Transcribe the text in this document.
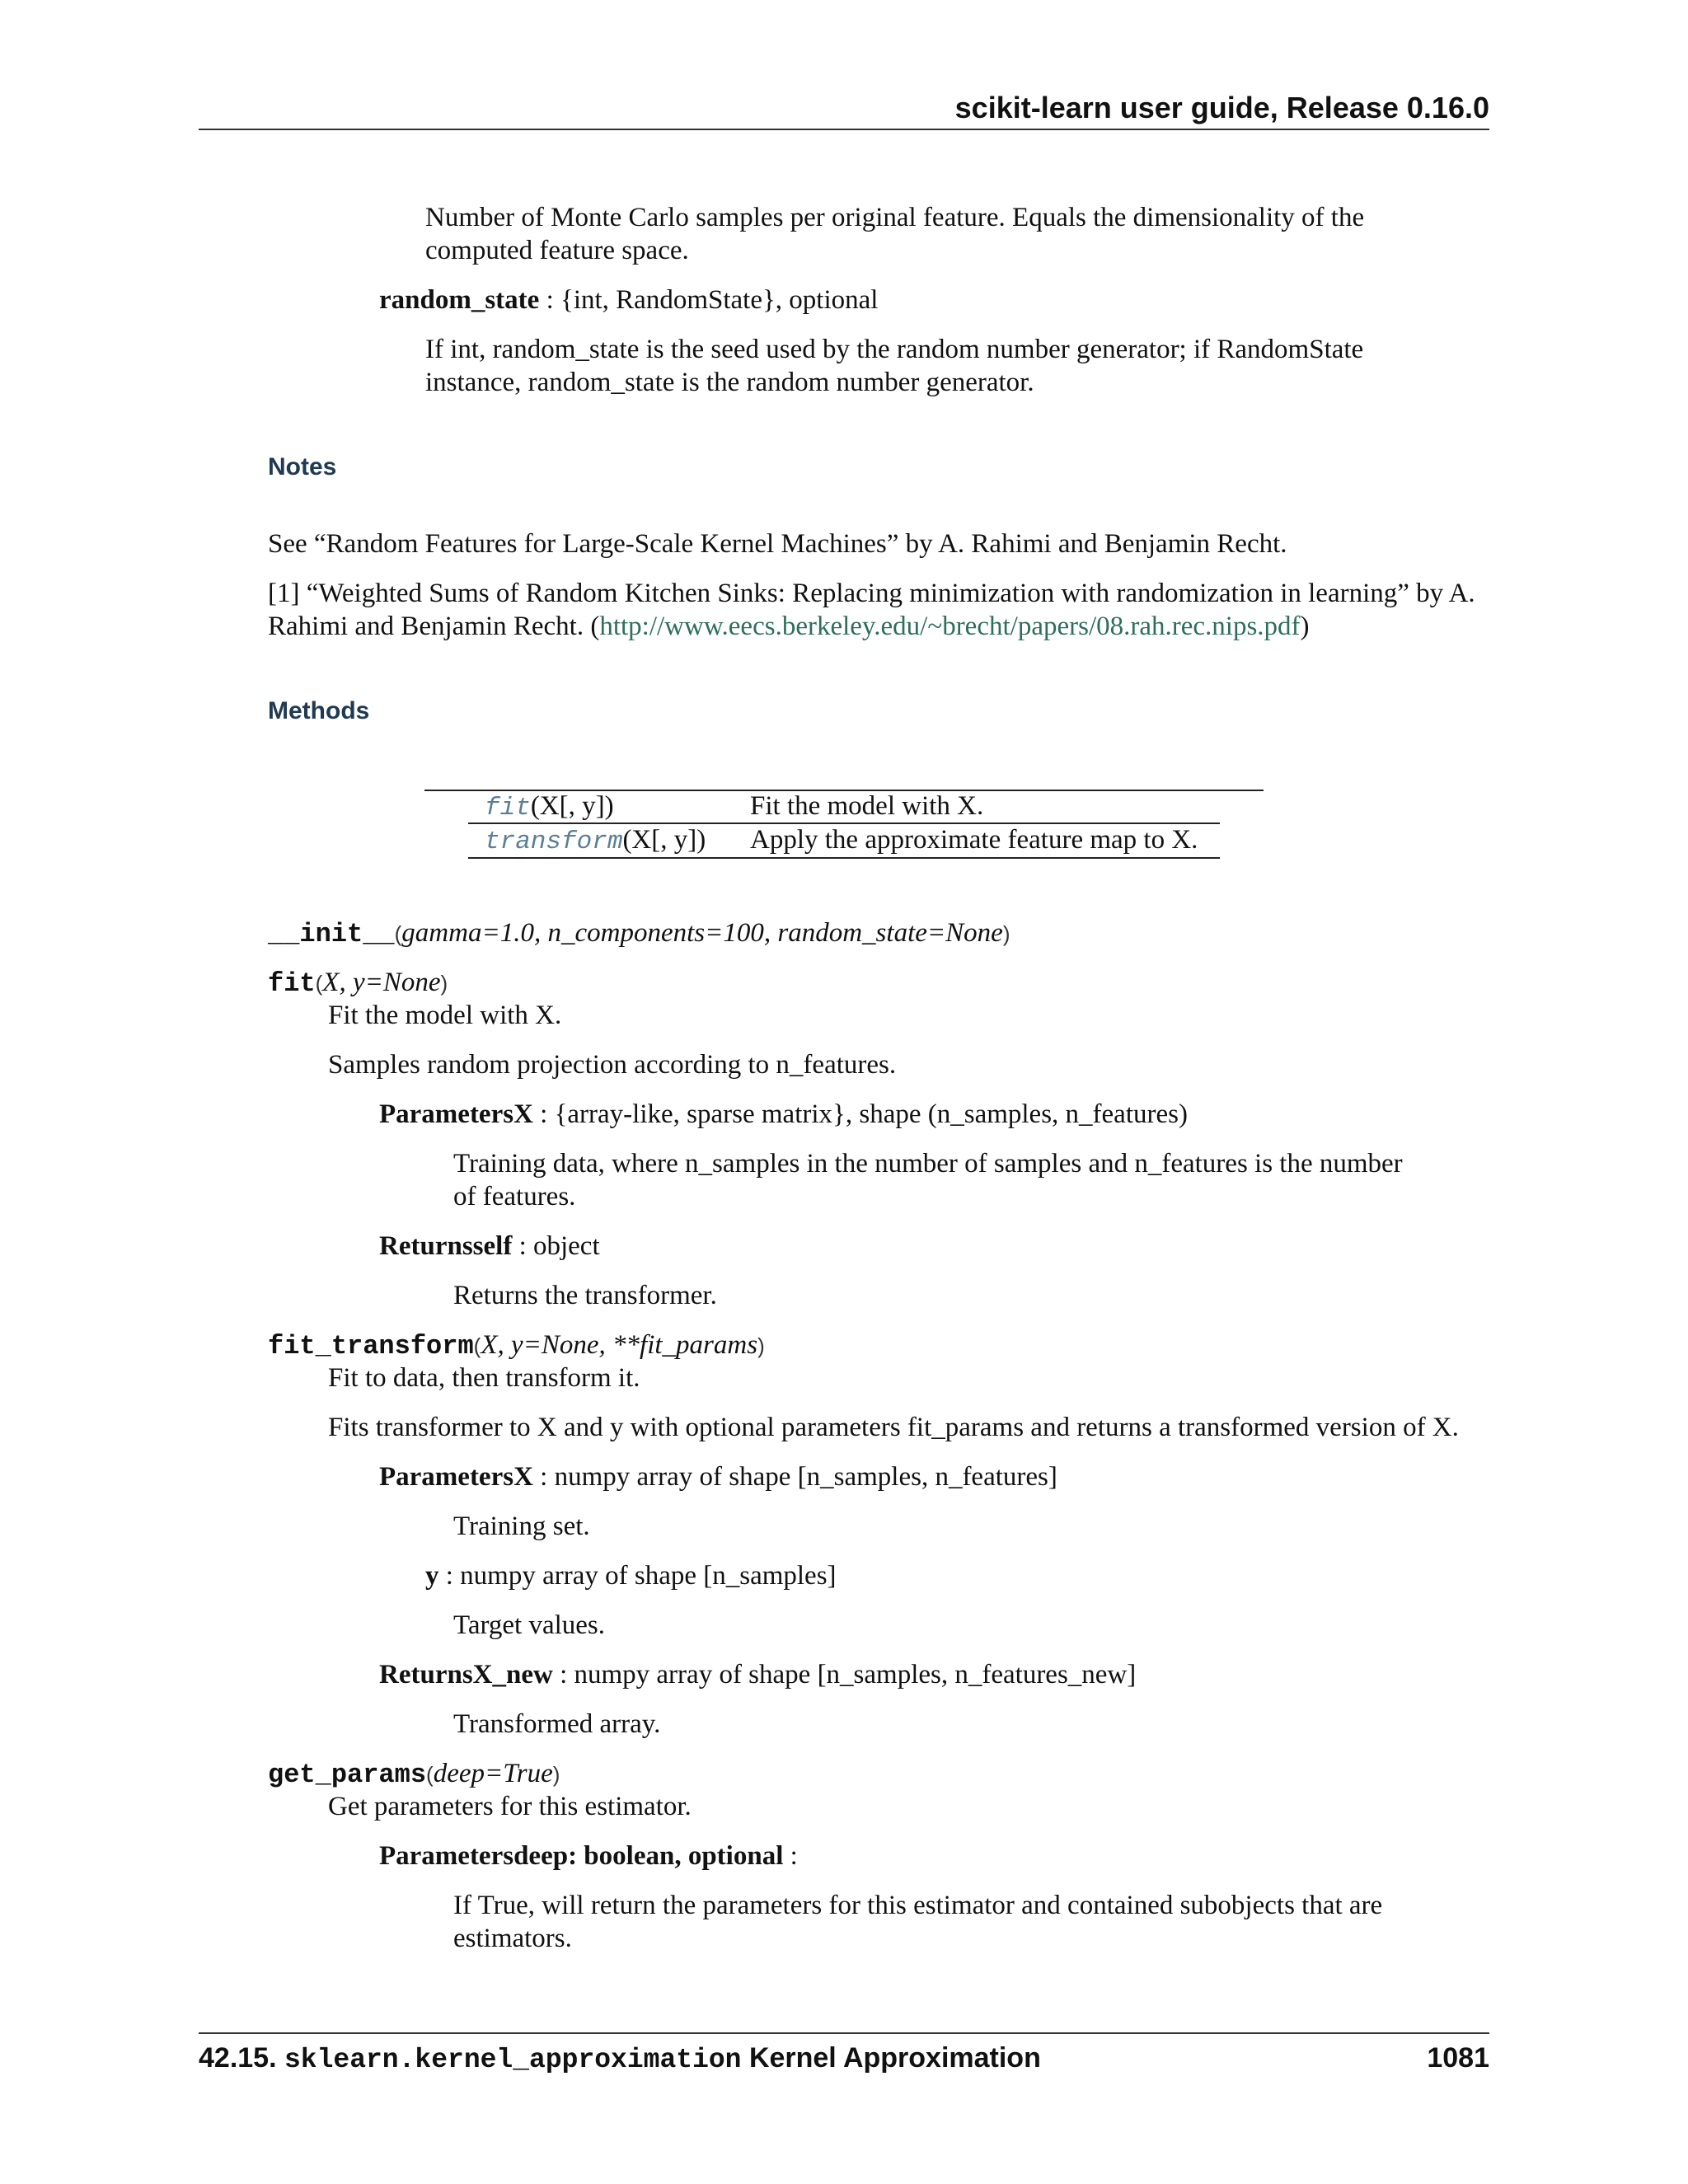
scikit-learn user guide, Release 0.16.0
Number of Monte Carlo samples per original feature. Equals the dimensionality of the
computed feature space.
random_state : {int, RandomState}, optional
If int, random_state is the seed used by the random number generator; if RandomState
instance, random_state is the random number generator.
Notes
See “Random Features for Large-Scale Kernel Machines” by A. Rahimi and Benjamin Recht.
[1] “Weighted Sums of Random Kitchen Sinks: Replacing minimization with randomization in learning” by A.
Rahimi and Benjamin Recht. (http://www.eecs.berkeley.edu/~brecht/papers/08.rah.rec.nips.pdf)
Methods
fit(X[, y])	Fit the model with X.
transform(X[, y]) Apply the approximate feature map to X.
__init__(gamma=1.0, n_components=100, random_state=None)
fit(X, y=None)
Fit the model with X.
Samples random projection according to n_features.
ParametersX : {array-like, sparse matrix}, shape (n_samples, n_features)
Training data, where n_samples in the number of samples and n_features is the number
of features.
Returnsself : object
Returns the transformer.
fit_transform(X, y=None, **fit_params)
Fit to data, then transform it.
Fits transformer to X and y with optional parameters fit_params and returns a transformed version of X.
ParametersX : numpy array of shape [n_samples, n_features]
Training set.
y : numpy array of shape [n_samples]
Target values.
ReturnsX_new : numpy array of shape [n_samples, n_features_new]
Transformed array.
get_params(deep=True)
Get parameters for this estimator.
Parametersdeep: boolean, optional :
If True, will return the parameters for this estimator and contained subobjects that are
estimators.
42.15. sklearn.kernel_approximation Kernel Approximation	1081
